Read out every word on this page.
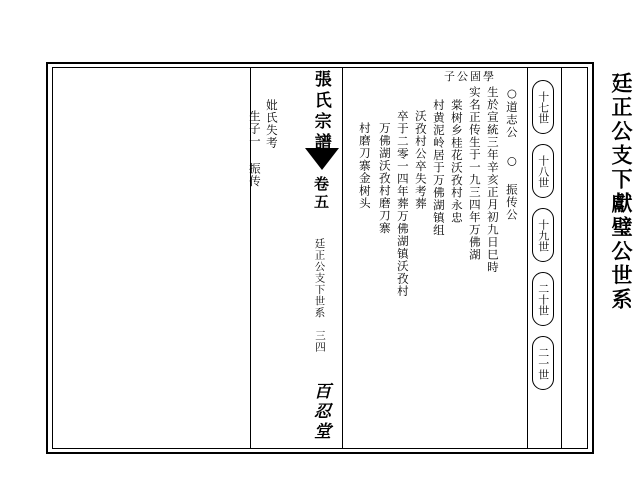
子公固學	廷正公支下獻璧公世系
十七世
十八世
十九世
二十世
二一世
○道志公 ○ 振传公
生於宣統三年辛亥正月初九日巳時
实名正传生于一九三四年万佛湖
棠树乡桂花沃孜村永忠
村黄泥岭居于万佛湖镇组
沃孜村公卒失考葬
卒于二零一四年葬万佛湖镇沃孜村
万佛湖沃孜村磨刀寨
村磨刀寨金树头
妣氏失考
生子一 振传	張氏宗譜
卷五
廷正公支下世系
三四
百忍堂
